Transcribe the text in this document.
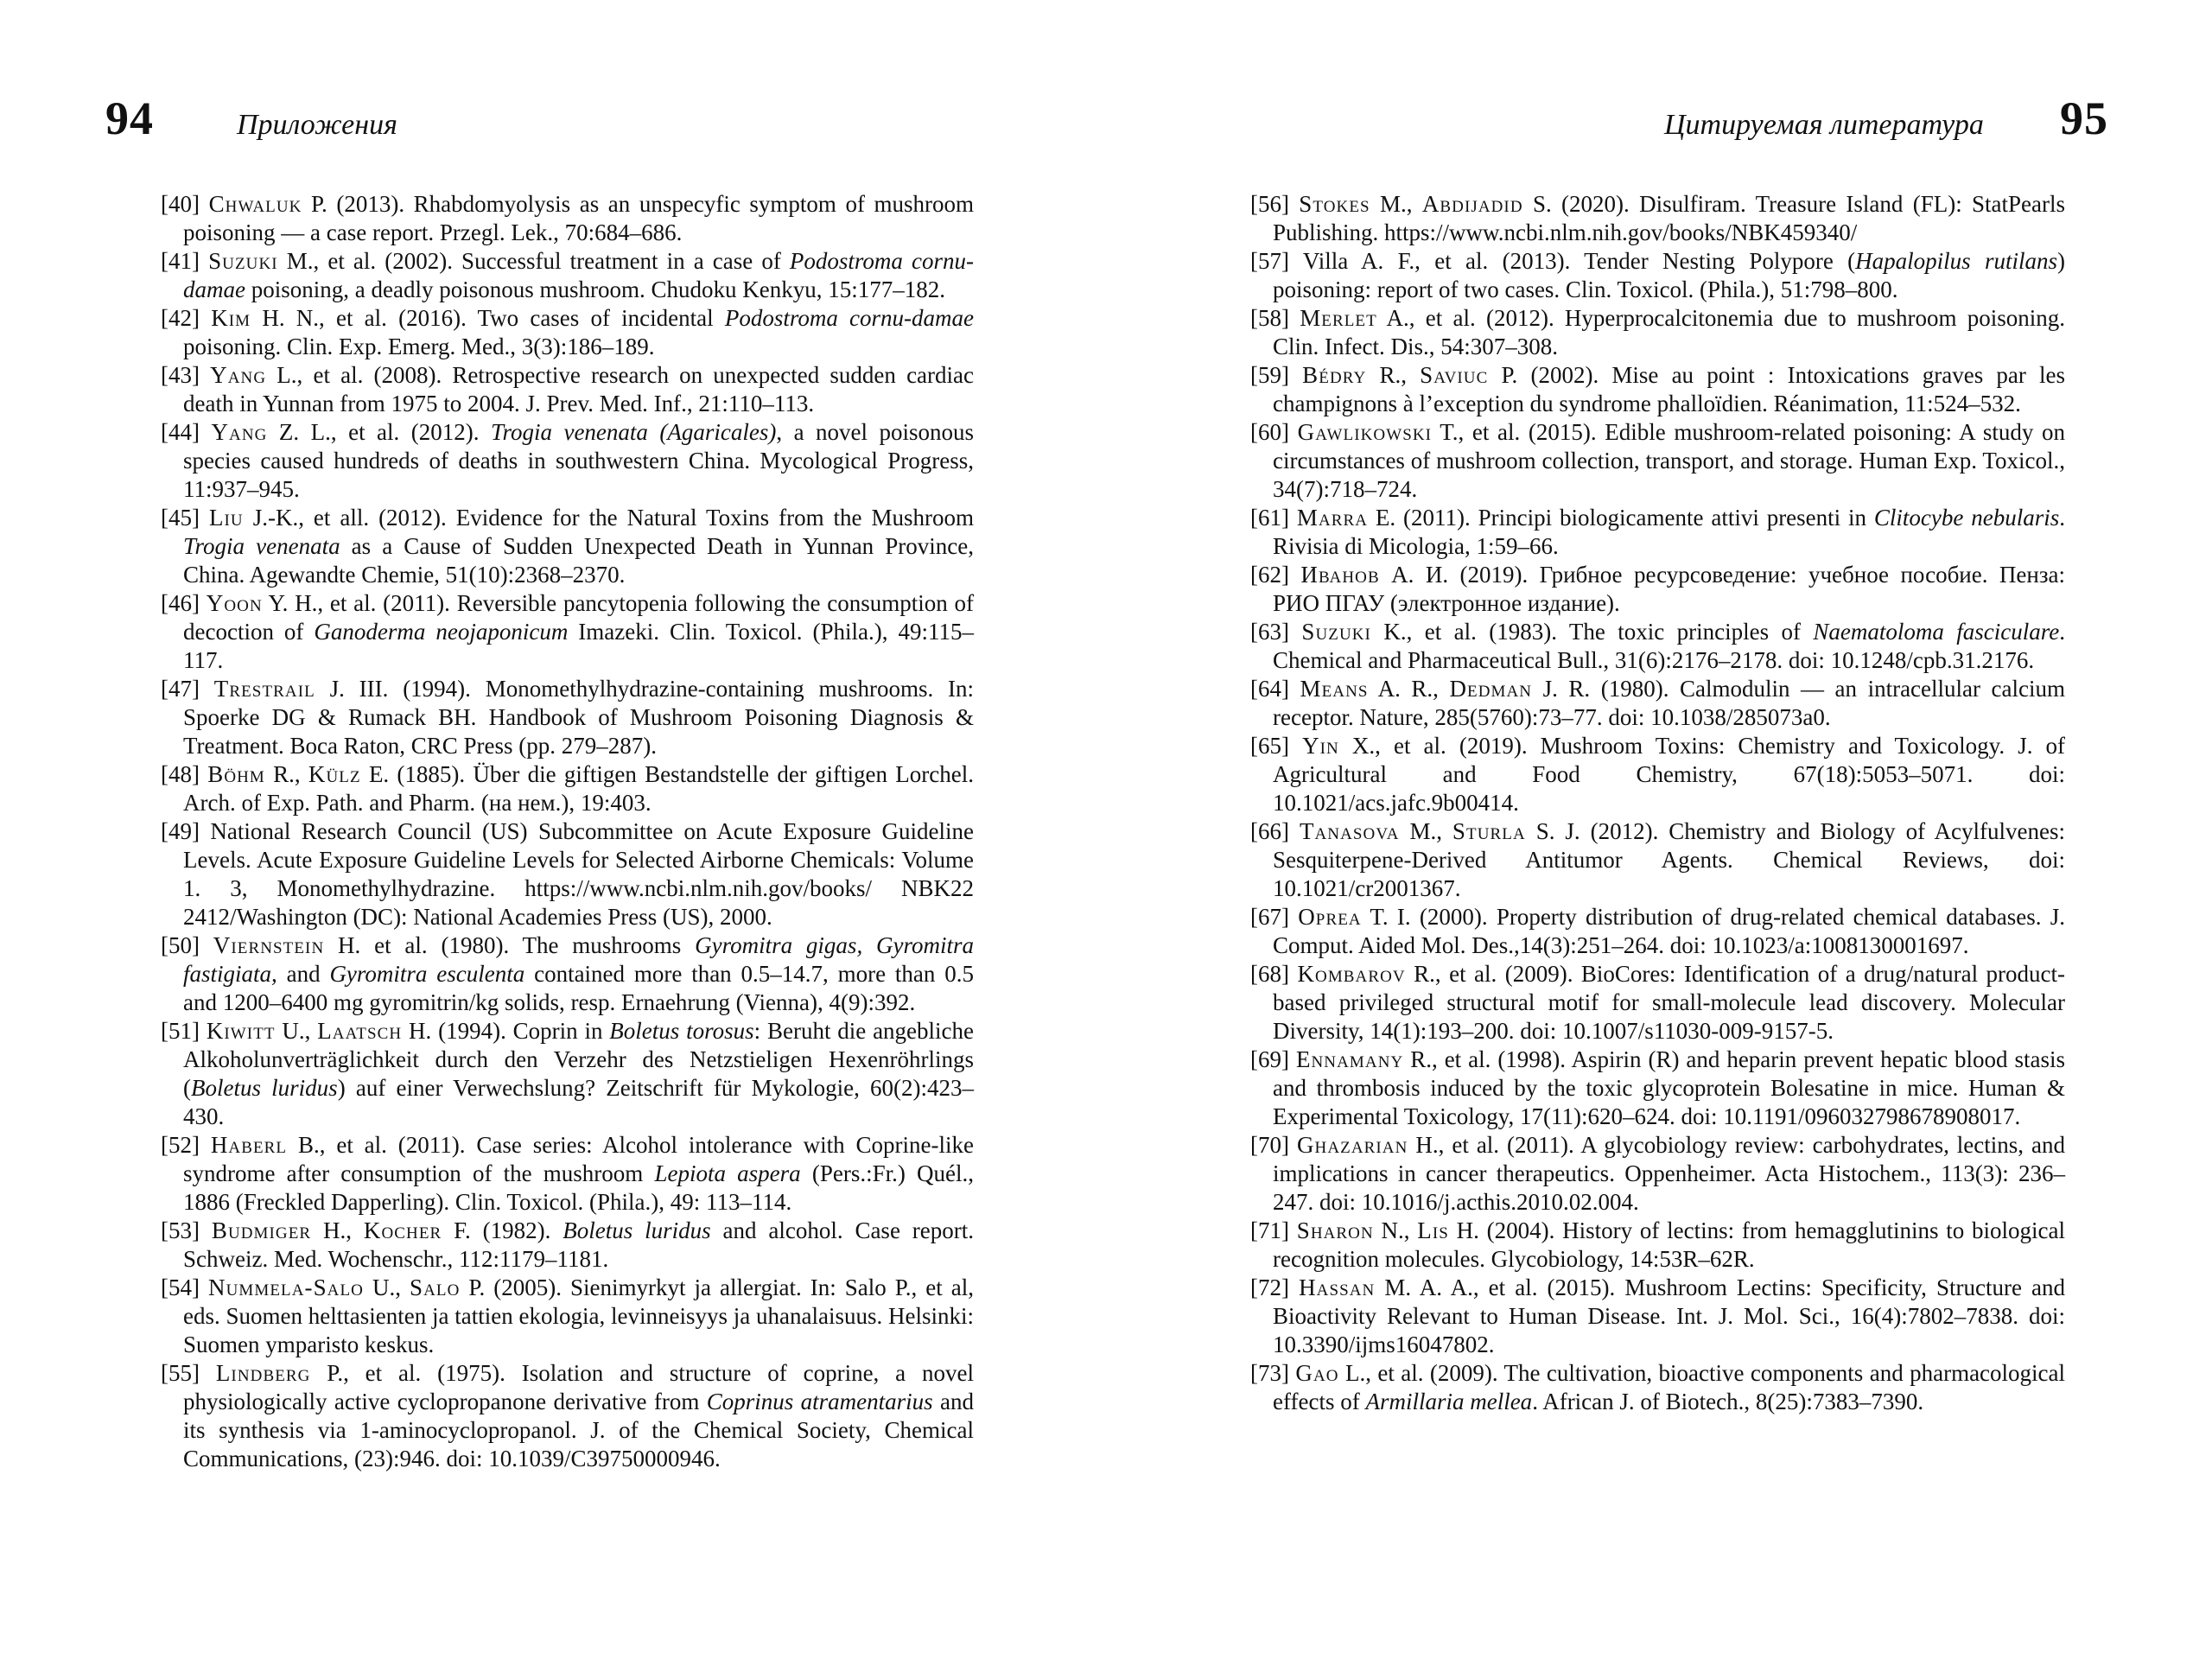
94	Приложения	Цитируемая литература 95

[40] Chwaluk P. (2013). Rhabdomyolysis as an unspecyfic symptom of mushroom poisoning — a case report. Przegl. Lek., 70:684–686.

[41] Suzuki M., et al. (2002). Successful treatment in a case of Podostroma cornu-damae poisoning, a deadly poisonous mushroom. Chudoku Kenkyu, 15:177–182.

[42] Kim H. N., et al. (2016). Two cases of incidental Podostroma cornu-damae poisoning. Clin. Exp. Emerg. Med., 3(3):186–189.

[43] Yang L., et al. (2008). Retrospective research on unexpected sudden cardiac death in Yunnan from 1975 to 2004. J. Prev. Med. Inf., 21:110–113.

[44] Yang Z. L., et al. (2012). Trogia venenata (Agaricales), a novel poisonous species caused hundreds of deaths in southwestern China. Mycological Progress, 11:937–945.

[45] Liu J.-K., et all. (2012). Evidence for the Natural Toxins from the Mushroom Trogia venenata as a Cause of Sudden Unexpected Death in Yunnan Province, China. Agewandte Chemie, 51(10):2368–2370.

[46] Yoon Y. H., et al. (2011). Reversible pancytopenia following the consumption of decoction of Ganoderma neojaponicum Imazeki. Clin. Toxicol. (Phila.), 49:115–117.

[47] Trestrail J. III. (1994). Monomethylhydrazine-containing mushrooms. In: Spoerke DG & Rumack BH. Handbook of Mushroom Poisoning Diagnosis & Treatment. Boca Raton, CRC Press (pp. 279–287).

[48] Böhm R., Külz E. (1885). Über die giftigen Bestandstelle der giftigen Lorchel. Arch. of Exp. Path. and Pharm. (на нем.), 19:403.

[49] National Research Council (US) Subcommittee on Acute Exposure Guideline Levels. Acute Exposure Guideline Levels for Selected Airborne Chemicals: Volume 1. 3, Monomethylhydrazine. https://www.ncbi.nlm.nih.gov/books/ NBK22 2412/Washington (DC): National Academies Press (US), 2000.

[50] Viernstein H. et al. (1980). The mushrooms Gyromitra gigas, Gyromitra fastigiata, and Gyromitra esculenta contained more than 0.5–14.7, more than 0.5 and 1200–6400 mg gyromitrin/kg solids, resp. Ernaehrung (Vienna), 4(9):392.

[51] Kiwitt U., Laatsch H. (1994). Coprin in Boletus torosus: Beruht die angebliche Alkoholunverträglichkeit durch den Verzehr des Netzstieligen Hexenröhrlings (Boletus luridus) auf einer Verwechslung? Zeitschrift für Mykologie, 60(2):423–430.

[52] Haberl B., et al. (2011). Case series: Alcohol intolerance with Coprine-like syndrome after consumption of the mushroom Lepiota aspera (Pers.:Fr.) Quél., 1886 (Freckled Dapperling). Clin. Toxicol. (Phila.), 49: 113–114.

[53] Budmiger H., Kocher F. (1982). Boletus luridus and alcohol. Case report. Schweiz. Med. Wochenschr., 112:1179–1181.

[54] Nummela-Salo U., Salo P. (2005). Sienimyrkyt ja allergiat. In: Salo P., et al, eds. Suomen helttasienten ja tattien ekologia, levinneisyys ja uhanalaisuus. Helsinki: Suomen ymparisto keskus.

[55] Lindberg P., et al. (1975). Isolation and structure of coprine, a novel physiologically active cyclopropanone derivative from Coprinus atramentarius and its synthesis via 1-aminocyclopropanol. J. of the Chemical Society, Chemical Communications, (23):946. doi: 10.1039/C39750000946.

[56] Stokes M., Abdijadid S. (2020). Disulfiram. Treasure Island (FL): StatPearls Publishing. https://www.ncbi.nlm.nih.gov/books/NBK459340/

[57] Villa A. F., et al. (2013). Tender Nesting Polypore (Hapalopilus rutilans) poisoning: report of two cases. Clin. Toxicol. (Phila.), 51:798–800.

[58] Merlet A., et al. (2012). Hyperprocalcitonemia due to mushroom poisoning. Clin. Infect. Dis., 54:307–308.

[59] Bédry R., Saviuc P. (2002). Mise au point : Intoxications graves par les champignons à l’exception du syndrome phalloïdien. Réanimation, 11:524–532.

[60] Gawlikowski T., et al. (2015). Edible mushroom-related poisoning: A study on circumstances of mushroom collection, transport, and storage. Human Exp. Toxicol., 34(7):718–724.

[61] Marra E. (2011). Principi biologicamente attivi presenti in Clitocybe nebularis. Rivisia di Micologia, 1:59–66.

[62] Иванов А. И. (2019). Грибное ресурсоведение: учебное пособие. Пенза: РИО ПГАУ (электронное издание).

[63] Suzuki K., et al. (1983). The toxic principles of Naematoloma fasciculare. Chemical and Pharmaceutical Bull., 31(6):2176–2178. doi: 10.1248/cpb.31.2176.

[64] Means A. R., Dedman J. R. (1980). Calmodulin — an intracellular calcium receptor. Nature, 285(5760):73–77. doi: 10.1038/285073a0.

[65] Yin X., et al. (2019). Mushroom Toxins: Chemistry and Toxicology. J. of Agricultural and Food Chemistry, 67(18):5053–5071. doi: 10.1021/acs.jafc.9b00414.

[66] Tanasova M., Sturla S. J. (2012). Chemistry and Biology of Acylfulvenes: Sesquiterpene-Derived Antitumor Agents. Chemical Reviews, doi: 10.1021/cr2001367.

[67] Oprea T. I. (2000). Property distribution of drug-related chemical databases. J. Comput. Aided Mol. Des.,14(3):251–264. doi: 10.1023/a:1008130001697.

[68] Kombarov R., et al. (2009). BioCores: Identification of a drug/natural product-based privileged structural motif for small-molecule lead discovery. Molecular Diversity, 14(1):193–200. doi: 10.1007/s11030-009-9157-5.

[69] Ennamany R., et al. (1998). Aspirin (R) and heparin prevent hepatic blood stasis and thrombosis induced by the toxic glycoprotein Bolesatine in mice. Human & Experimental Toxicology, 17(11):620–624. doi: 10.1191/096032798678908017.

[70] Ghazarian H., et al. (2011). A glycobiology review: carbohydrates, lectins, and implications in cancer therapeutics. Oppenheimer. Acta Histochem., 113(3): 236–247. doi: 10.1016/j.acthis.2010.02.004.

[71] Sharon N., Lis H. (2004). History of lectins: from hemagglutinins to biological recognition molecules. Glycobiology, 14:53R–62R.

[72] Hassan M. A. A., et al. (2015). Mushroom Lectins: Specificity, Structure and Bioactivity Relevant to Human Disease. Int. J. Mol. Sci., 16(4):7802–7838. doi: 10.3390/ijms16047802.

[73] Gao L., et al. (2009). The cultivation, bioactive components and pharmacological effects of Armillaria mellea. African J. of Biotech., 8(25):7383–7390.
